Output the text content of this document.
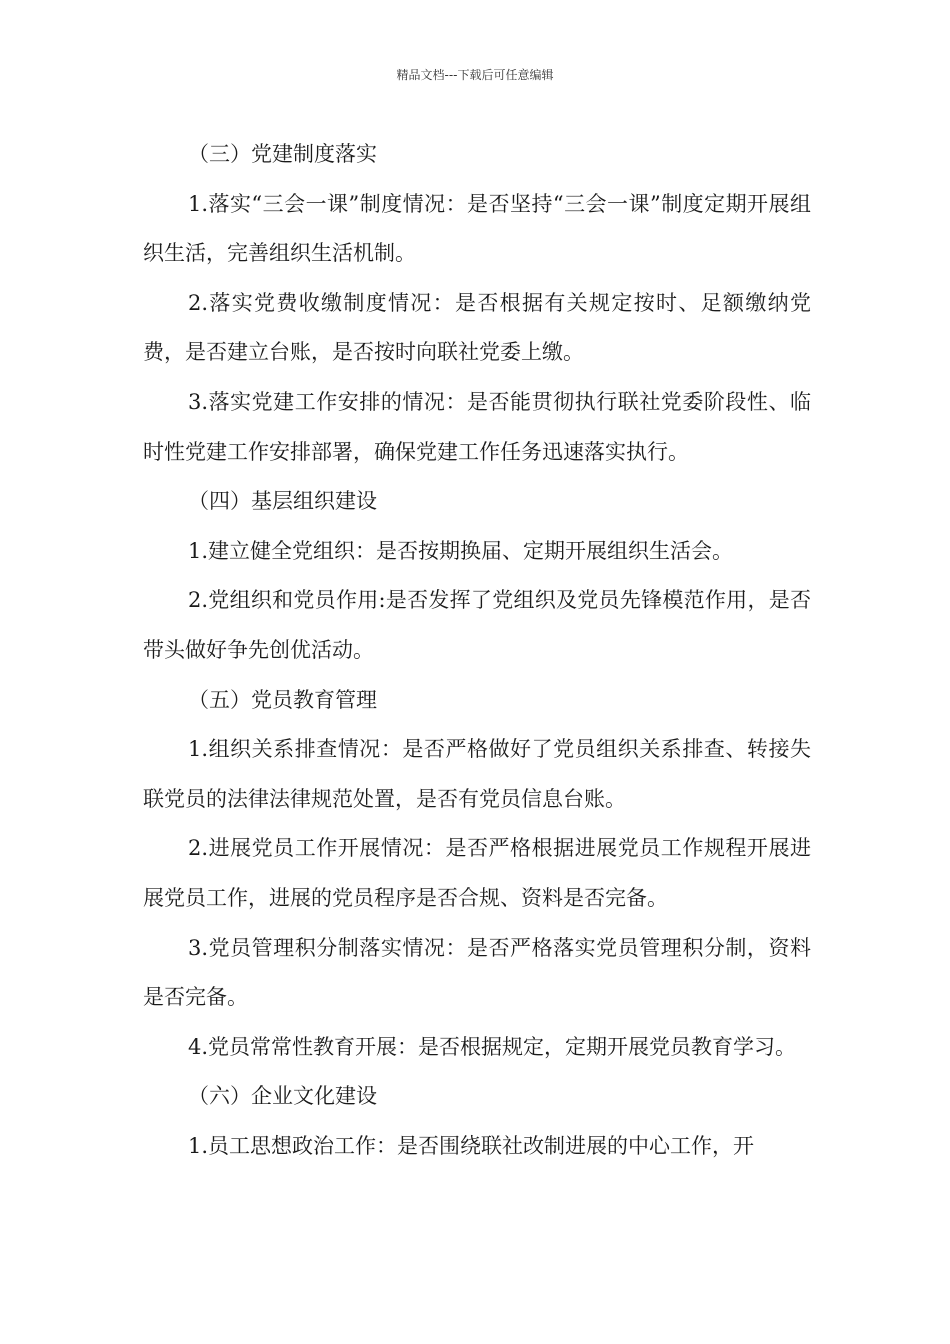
精品文档---下载后可任意编辑

（三）党建制度落实

1.落实“三会一课”制度情况：是否坚持“三会一课”制度定期开展组织生活，完善组织生活机制。

2.落实党费收缴制度情况：是否根据有关规定按时、足额缴纳党费，是否建立台账，是否按时向联社党委上缴。

3.落实党建工作安排的情况：是否能贯彻执行联社党委阶段性、临时性党建工作安排部署，确保党建工作任务迅速落实执行。

（四）基层组织建设

1.建立健全党组织：是否按期换届、定期开展组织生活会。

2.党组织和党员作用:是否发挥了党组织及党员先锋模范作用，是否带头做好争先创优活动。

（五）党员教育管理

1.组织关系排查情况：是否严格做好了党员组织关系排查、转接失联党员的法律法律规范处置，是否有党员信息台账。

2.进展党员工作开展情况：是否严格根据进展党员工作规程开展进展党员工作，进展的党员程序是否合规、资料是否完备。

3.党员管理积分制落实情况：是否严格落实党员管理积分制，资料是否完备。

4.党员常常性教育开展：是否根据规定，定期开展党员教育学习。

（六）企业文化建设

1.员工思想政治工作：是否围绕联社改制进展的中心工作，开
